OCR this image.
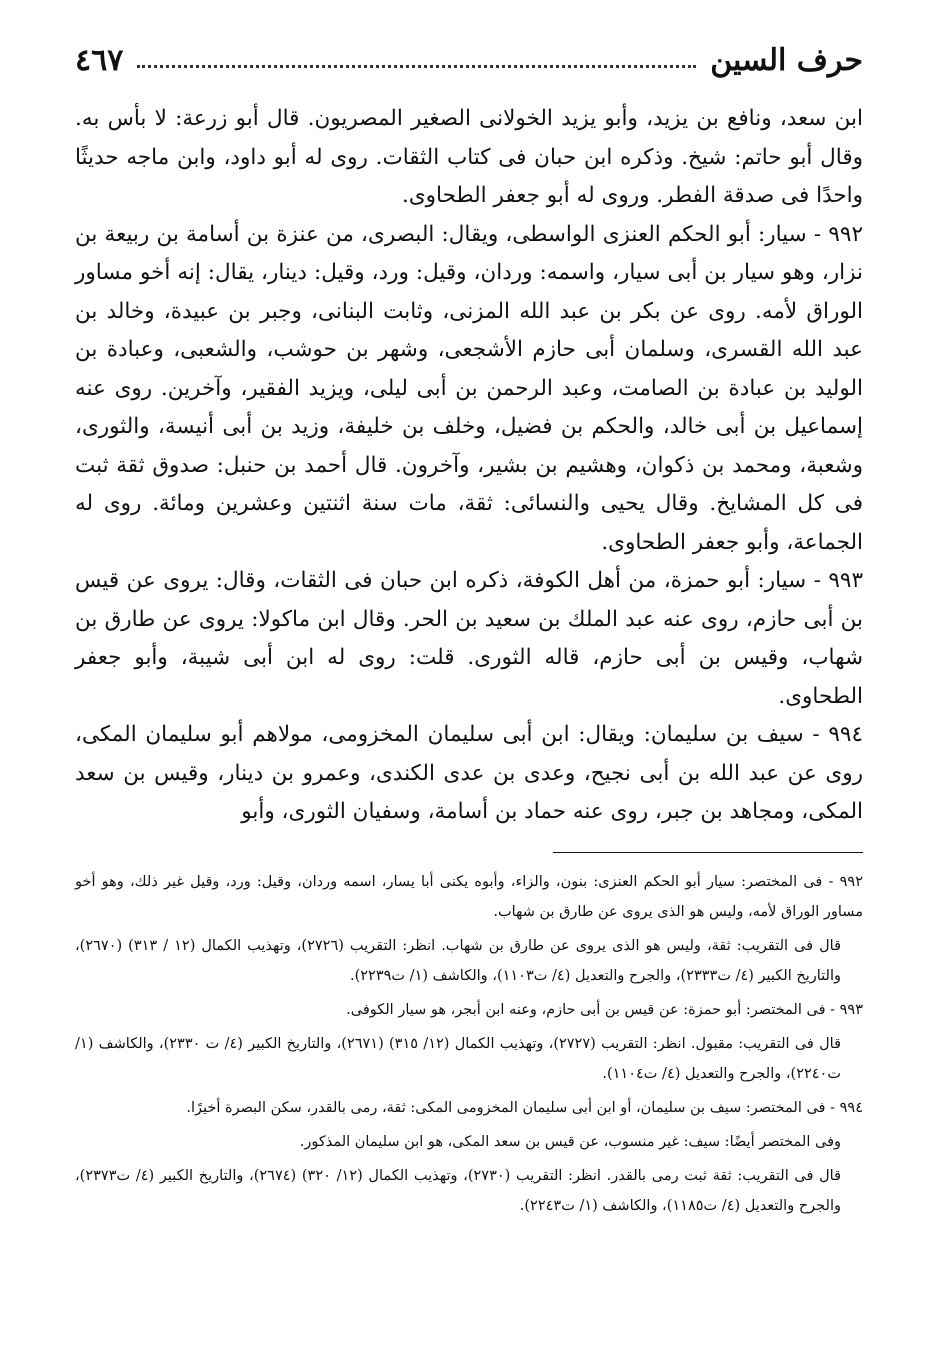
حرف السين
٤٦٧

ابن سعد، ونافع بن يزيد، وأبو يزيد الخولانى الصغير المصريون. قال أبو زرعة: لا بأس به. وقال أبو حاتم: شيخ. وذكره ابن حبان فى كتاب الثقات. روى له أبو داود، وابن ماجه حديثًا واحدًا فى صدقة الفطر. وروى له أبو جعفر الطحاوى.

٩٩٢ - سيار: أبو الحكم العنزى الواسطى، ويقال: البصرى، من عنزة بن أسامة بن ربيعة بن نزار، وهو سيار بن أبى سيار، واسمه: وردان، وقيل: ورد، وقيل: دينار، يقال: إنه أخو مساور الوراق لأمه. روى عن بكر بن عبد الله المزنى، وثابت البنانى، وجبر بن عبيدة، وخالد بن عبد الله القسرى، وسلمان أبى حازم الأشجعى، وشهر بن حوشب، والشعبى، وعبادة بن الوليد بن عبادة بن الصامت، وعبد الرحمن بن أبى ليلى، ويزيد الفقير، وآخرين. روى عنه إسماعيل بن أبى خالد، والحكم بن فضيل، وخلف بن خليفة، وزيد بن أبى أنيسة، والثورى، وشعبة، ومحمد بن ذكوان، وهشيم بن بشير، وآخرون. قال أحمد بن حنبل: صدوق ثقة ثبت فى كل المشايخ. وقال يحيى والنسائى: ثقة، مات سنة اثنتين وعشرين ومائة. روى له الجماعة، وأبو جعفر الطحاوى.

٩٩٣ - سيار: أبو حمزة، من أهل الكوفة، ذكره ابن حبان فى الثقات، وقال: يروى عن قيس بن أبى حازم، روى عنه عبد الملك بن سعيد بن الحر. وقال ابن ماكولا: يروى عن طارق بن شهاب، وقيس بن أبى حازم، قاله الثورى. قلت: روى له ابن أبى شيبة، وأبو جعفر الطحاوى.

٩٩٤ - سيف بن سليمان: ويقال: ابن أبى سليمان المخزومى، مولاهم أبو سليمان المكى، روى عن عبد الله بن أبى نجيح، وعدى بن عدى الكندى، وعمرو بن دينار، وقيس بن سعد المكى، ومجاهد بن جبر، روى عنه حماد بن أسامة، وسفيان الثورى، وأبو

٩٩٢ - فى المختصر: سيار أبو الحكم العنزى: بنون، والزاء، وأبوه يكنى أبا يسار، اسمه وردان، وقيل: ورد، وقيل غير ذلك، وهو أخو مساور الوراق لأمه، وليس هو الذى يروى عن طارق بن شهاب.

قال فى التقريب: ثقة، وليس هو الذى يروى عن طارق بن شهاب. انظر: التقريب (٢٧٢٦)، وتهذيب الكمال (١٢ / ٣١٣) (٢٦٧٠)، والتاريخ الكبير (٤/ ت٢٣٣٣)، والجرح والتعديل (٤/ ت١١٠٣)، والكاشف (١/ ت٢٢٣٩).

٩٩٣ - فى المختصر: أبو حمزة: عن قيس بن أبى حازم، وعنه ابن أبجر، هو سيار الكوفى.

قال فى التقريب: مقبول. انظر: التقريب (٢٧٢٧)، وتهذيب الكمال (١٢/ ٣١٥) (٢٦٧١)، والتاريخ الكبير (٤/ ت ٢٣٣٠)، والكاشف (١/ ت٢٢٤٠)، والجرح والتعديل (٤/ ت١١٠٤).

٩٩٤ - فى المختصر: سيف بن سليمان، أو ابن أبى سليمان المخزومى المكى: ثقة، رمى بالقدر، سكن البصرة أخيرًا.

وفى المختصر أيضًا: سيف: غير منسوب، عن قيس بن سعد المكى، هو ابن سليمان المذكور.

قال فى التقريب: ثقة ثبت رمى بالقدر. انظر: التقريب (٢٧٣٠)، وتهذيب الكمال (١٢/ ٣٢٠) (٢٦٧٤)، والتاريخ الكبير (٤/ ت٢٣٧٣)، والجرح والتعديل (٤/ ت١١٨٥)، والكاشف (١/ ت٢٢٤٣).
